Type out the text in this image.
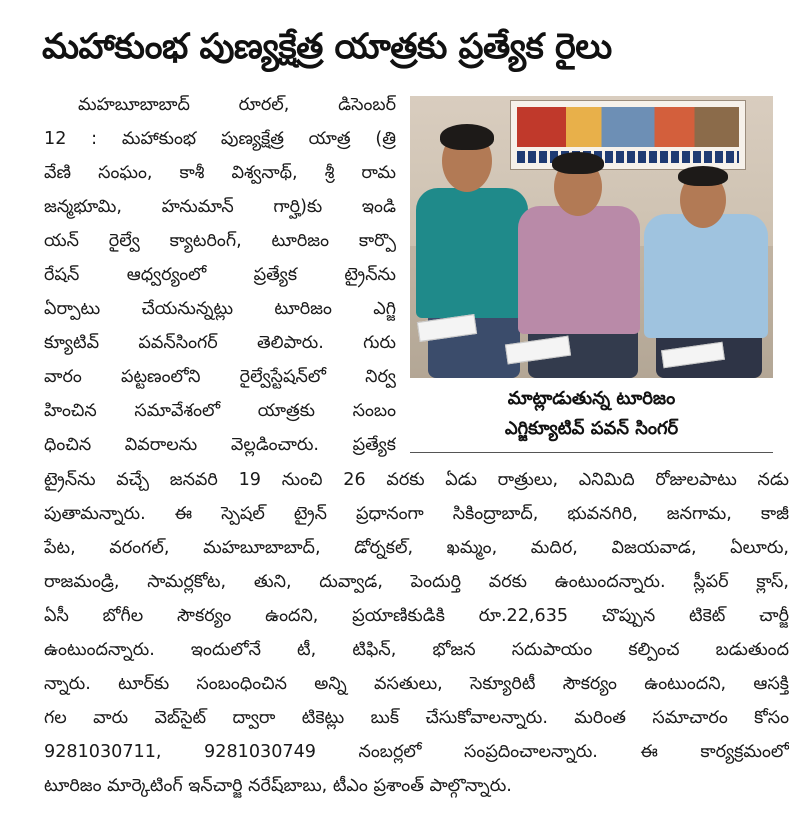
మహాకుంభ పుణ్యక్షేత్ర యాత్రకు ప్రత్యేక రైలు
మహబూబాబాద్ రూరల్, డిసెంబర్
12 : మహాకుంభ పుణ్యక్షేత్ర యాత్ర (త్రి
వేణి సంఘం, కాశీ విశ్వనాథ్, శ్రీ రామ
జన్మభూమి, హనుమాన్ గార్హి)కు ఇండి
యన్ రైల్వే క్యాటరింగ్, టూరిజం కార్పొ
రేషన్ ఆధ్వర్యంలో ప్రత్యేక ట్రైన్‌ను
ఏర్పాటు చేయనున్నట్లు టూరిజం ఎగ్జి
క్యూటివ్ పవన్‌సింగర్ తెలిపారు. గురు
వారం పట్టణంలోని రైల్వేస్టేషన్‌లో నిర్వ
హించిన సమావేశంలో యాత్రకు సంబం
ధించిన వివరాలను వెల్లడించారు. ప్రత్యేక
మాట్లాడుతున్న టూరిజం
ఎగ్జిక్యూటివ్ పవన్ సింగర్
ట్రైన్‌ను వచ్చే జనవరి 19 నుంచి 26 వరకు ఏడు రాత్రులు, ఎనిమిది రోజులపాటు నడు
పుతామన్నారు. ఈ స్పెషల్ ట్రైన్ ప్రధానంగా సికింద్రాబాద్, భువనగిరి, జనగామ, కాజీ
పేట, వరంగల్, మహబూబాబాద్, డోర్నకల్, ఖమ్మం, మదిర, విజయవాడ, ఏలూరు,
రాజమండ్రి, సామర్లకోట, తుని, దువ్వాడ, పెందుర్తి వరకు ఉంటుందన్నారు. స్లీపర్ క్లాస్,
ఏసీ బోగీల సౌకర్యం ఉందని, ప్రయాణికుడికి రూ.22,635 చొప్పున టికెట్ చార్జీ
ఉంటుందన్నారు. ఇందులోనే టీ, టిఫిన్, భోజన సదుపాయం కల్పించ బడుతుంద
న్నారు. టూర్‌కు సంబంధించిన అన్ని వసతులు, సెక్యూరిటీ సౌకర్యం ఉంటుందని, ఆసక్తి
గల వారు వెబ్‌సైట్ ద్వారా టికెట్లు బుక్ చేసుకోవాలన్నారు. మరింత సమాచారం కోసం
9281030711, 9281030749 నంబర్లలో సంప్రదించాలన్నారు. ఈ కార్యక్రమంలో
టూరిజం మార్కెటింగ్ ఇన్‌చార్జి నరేష్‌బాబు, టీఎం ప్రశాంత్ పాల్గొన్నారు.
